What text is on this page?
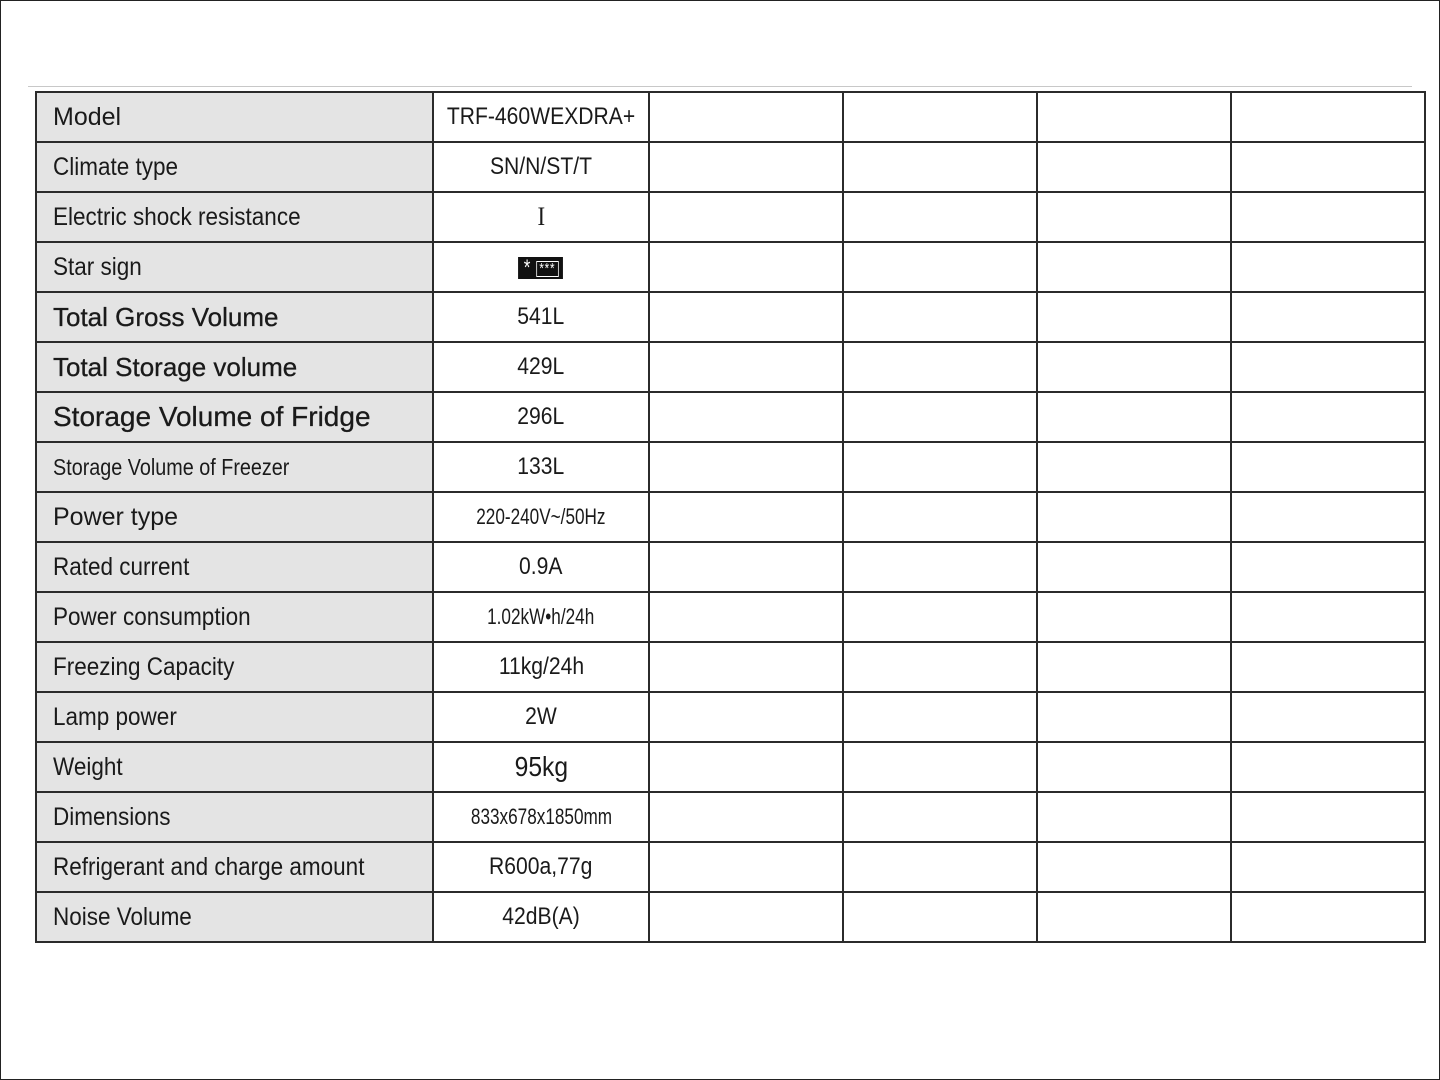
Model	TRF-460WEXDRA+				
Climate type	SN/N/ST/T				
Electric shock resistance	I				
Star sign	* ***				
Total Gross Volume	541L				
Total Storage volume	429L				
Storage Volume of Fridge	296L				
Storage Volume of Freezer	133L				
Power type	220-240V~/50Hz				
Rated current	0.9A				
Power consumption	1.02kW•h/24h				
Freezing Capacity	11kg/24h				
Lamp power	2W				
Weight	95kg				
Dimensions	833x678x1850mm				
Refrigerant and charge amount	R600a,77g				
Noise Volume	42dB(A)				
